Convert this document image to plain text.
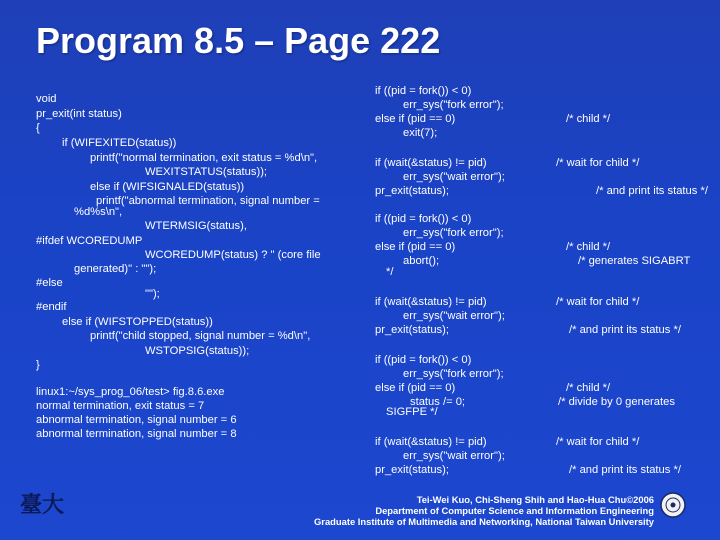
Program 8.5 – Page 222
void
pr_exit(int status)
{
if (WIFEXITED(status))
printf("normal termination, exit status = %d\n",
WEXITSTATUS(status));
else if (WIFSIGNALED(status))
printf("abnormal termination, signal number =
%d%s\n",
WTERMSIG(status),
#ifdef WCOREDUMP
WCOREDUMP(status) ? " (core file
generated)" : "");
#else
"");
#endif
else if (WIFSTOPPED(status))
printf("child stopped, signal number = %d\n",
WSTOPSIG(status));
}
linux1:~/sys_prog_06/test> fig.8.6.exe
normal termination, exit status = 7
abnormal termination, signal number = 6
abnormal termination, signal number = 8
if ((pid = fork()) < 0)
err_sys("fork error");
else if (pid == 0)
exit(7);
/* child */
if (wait(&status) != pid)
err_sys("wait error");
pr_exit(status);
/* wait for child */
/* and print its status */
if ((pid = fork()) < 0)
err_sys("fork error");
else if (pid == 0)
abort();
*/
/* child */
/* generates SIGABRT
if (wait(&status) != pid)
err_sys("wait error");
pr_exit(status);
/* wait for child */
/* and print its status */
if ((pid = fork()) < 0)
err_sys("fork error");
else if (pid == 0)
status /= 0;
SIGFPE */
/* child */
/* divide by 0 generates
if (wait(&status) != pid)
err_sys("wait error");
pr_exit(status);
/* wait for child */
/* and print its status */
臺大	Tei-Wei Kuo, Chi-Sheng Shih and Hao-Hua Chu©2006
Department of Computer Science and Information Engineering
Graduate Institute of Multimedia and Networking, National Taiwan University
